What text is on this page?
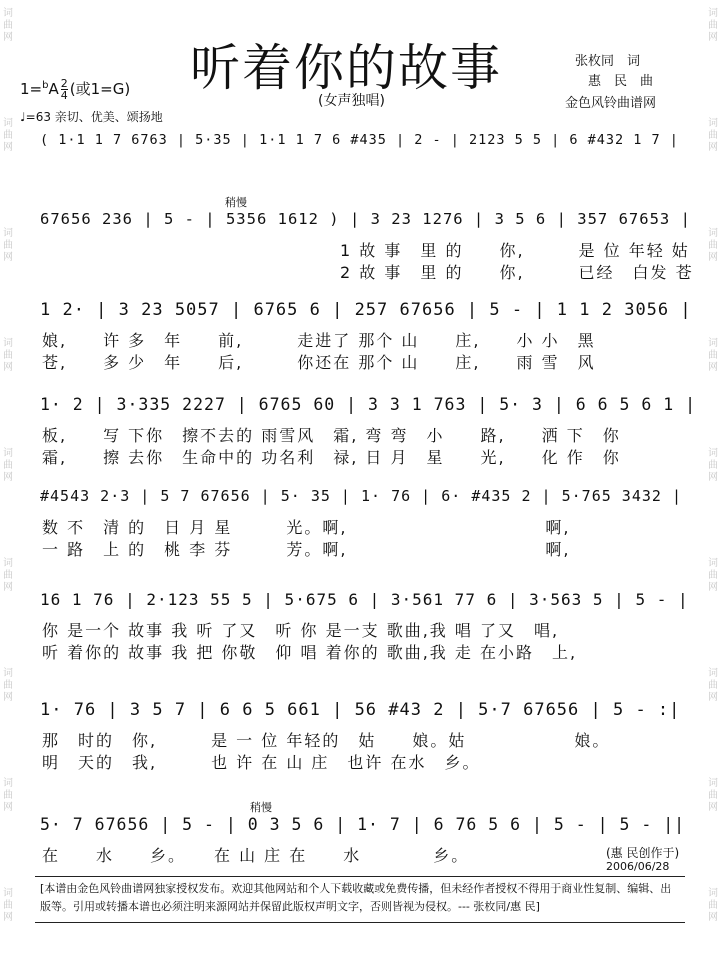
词曲网
词曲网
词曲网
词曲网
词曲网
词曲网
词曲网
词曲网
词曲网
词曲网
词曲网
词曲网
词曲网
词曲网
词曲网
词曲网
词曲网
词曲网
听着你的故事
(女声独唱)
张枚同　词
惠　民　曲
金色风铃曲谱网
$1=^bA \frac{2}{4}$ (或1=G)
♩=63 亲切、优美、颂扬地
( 1·1 1 7 6763 | 5·35 | 1·1 1 7 6 #435 | 2 - | 2123 5 5 | 6 #432 1 7 |
稍慢
67656 236 | 5 - | 5356 1612 ) | 3 23 1276 | 3 5 6 | 357 67653 |
1 故 事　里 的　　你,　　　是 位 年轻 姑
2 故 事　里 的　　你,　　　已经　白发 苍
1 2· | 3 23 5057 | 6765 6 | 257 67656 | 5 - | 1 1 2 3056 |
娘,　　许 多　年　　前,　　　走进了 那个 山　　庄,　　小 小　黑
苍,　　多 少　年　　后,　　　你还在 那个 山　　庄,　　雨 雪　风
1· 2 | 3·335 2227 | 6765 60 | 3 3 1 763 | 5· 3 | 6 6 5 6 1 |
板,　　写 下你　擦不去的 雨雪风　霜, 弯 弯　小　　路,　　洒 下　你
霜,　　擦 去你　生命中的 功名利　禄, 日 月　星　　光,　　化 作　你
#4543 2·3 | 5 7 67656 | 5· 35 | 1· 76 | 6· #435 2 | 5·765 3432 |
数 不　清 的　日 月 星　　　光。啊,　　　　　　　　　　　啊,
一 路　上 的　桃 李 芬　　　芳。啊,　　　　　　　　　　　啊,
16 1 76 | 2·123 55 5 | 5·675 6 | 3·561 77 6 | 3·563 5 | 5 - |
你 是一个 故事 我 听 了又　听 你 是一支 歌曲,我 唱 了又　唱,
听 着你的 故事 我 把 你敬　仰 唱 着你的 歌曲,我 走 在小路　上,
1· 76 | 3 5 7 | 6 6 5 661 | 56 #43 2 | 5·7 67656 | 5 - :|
那　时的　你,　　　是 一 位 年轻的　姑　　娘。姑　　　　　　娘。
明　天的　我,　　　也 许 在 山 庄　也许 在水　乡。
稍慢
5· 7 67656 | 5 - | 0 3 5 6 | 1· 7 | 6 76 5 6 | 5 - | 5 - ||
在　　水　　乡。　　在 山 庄 在　　水　　　　乡。	(惠 民创作于)
2006/06/28
[本谱由金色风铃曲谱网独家授权发布。欢迎其他网站和个人下载收藏或免费传播，但未经作者授权不得用于商业性复制、编辑、出版等。引用或转播本谱也必须注明来源网站并保留此版权声明文字，否则皆视为侵权。--- 张枚同/惠 民]
